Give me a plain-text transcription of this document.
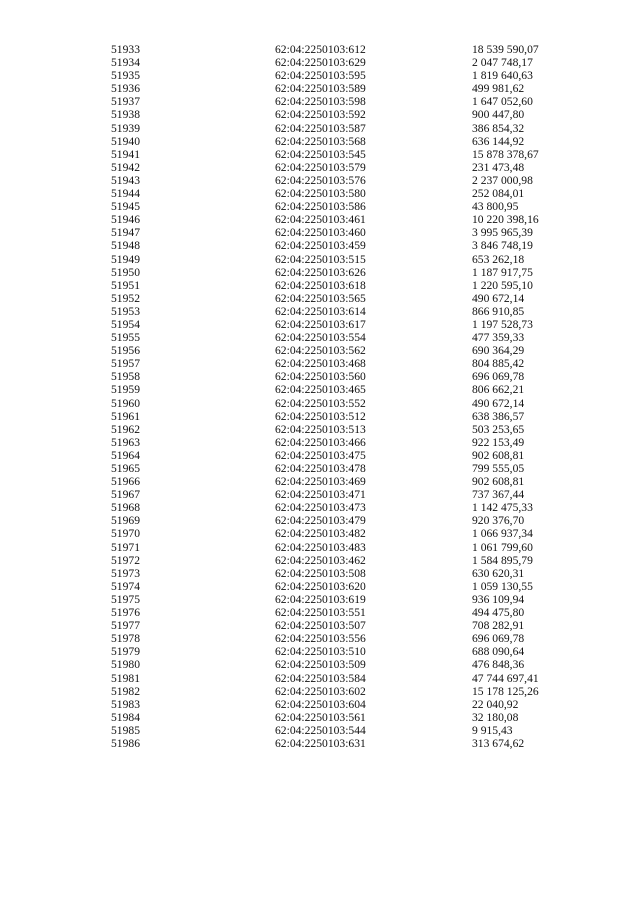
51933	62:04:2250103:612	18 539 590,07
51934	62:04:2250103:629	2 047 748,17
51935	62:04:2250103:595	1 819 640,63
51936	62:04:2250103:589	499 981,62
51937	62:04:2250103:598	1 647 052,60
51938	62:04:2250103:592	900 447,80
51939	62:04:2250103:587	386 854,32
51940	62:04:2250103:568	636 144,92
51941	62:04:2250103:545	15 878 378,67
51942	62:04:2250103:579	231 473,48
51943	62:04:2250103:576	2 237 000,98
51944	62:04:2250103:580	252 084,01
51945	62:04:2250103:586	43 800,95
51946	62:04:2250103:461	10 220 398,16
51947	62:04:2250103:460	3 995 965,39
51948	62:04:2250103:459	3 846 748,19
51949	62:04:2250103:515	653 262,18
51950	62:04:2250103:626	1 187 917,75
51951	62:04:2250103:618	1 220 595,10
51952	62:04:2250103:565	490 672,14
51953	62:04:2250103:614	866 910,85
51954	62:04:2250103:617	1 197 528,73
51955	62:04:2250103:554	477 359,33
51956	62:04:2250103:562	690 364,29
51957	62:04:2250103:468	804 885,42
51958	62:04:2250103:560	696 069,78
51959	62:04:2250103:465	806 662,21
51960	62:04:2250103:552	490 672,14
51961	62:04:2250103:512	638 386,57
51962	62:04:2250103:513	503 253,65
51963	62:04:2250103:466	922 153,49
51964	62:04:2250103:475	902 608,81
51965	62:04:2250103:478	799 555,05
51966	62:04:2250103:469	902 608,81
51967	62:04:2250103:471	737 367,44
51968	62:04:2250103:473	1 142 475,33
51969	62:04:2250103:479	920 376,70
51970	62:04:2250103:482	1 066 937,34
51971	62:04:2250103:483	1 061 799,60
51972	62:04:2250103:462	1 584 895,79
51973	62:04:2250103:508	630 620,31
51974	62:04:2250103:620	1 059 130,55
51975	62:04:2250103:619	936 109,94
51976	62:04:2250103:551	494 475,80
51977	62:04:2250103:507	708 282,91
51978	62:04:2250103:556	696 069,78
51979	62:04:2250103:510	688 090,64
51980	62:04:2250103:509	476 848,36
51981	62:04:2250103:584	47 744 697,41
51982	62:04:2250103:602	15 178 125,26
51983	62:04:2250103:604	22 040,92
51984	62:04:2250103:561	32 180,08
51985	62:04:2250103:544	9 915,43
51986	62:04:2250103:631	313 674,62
